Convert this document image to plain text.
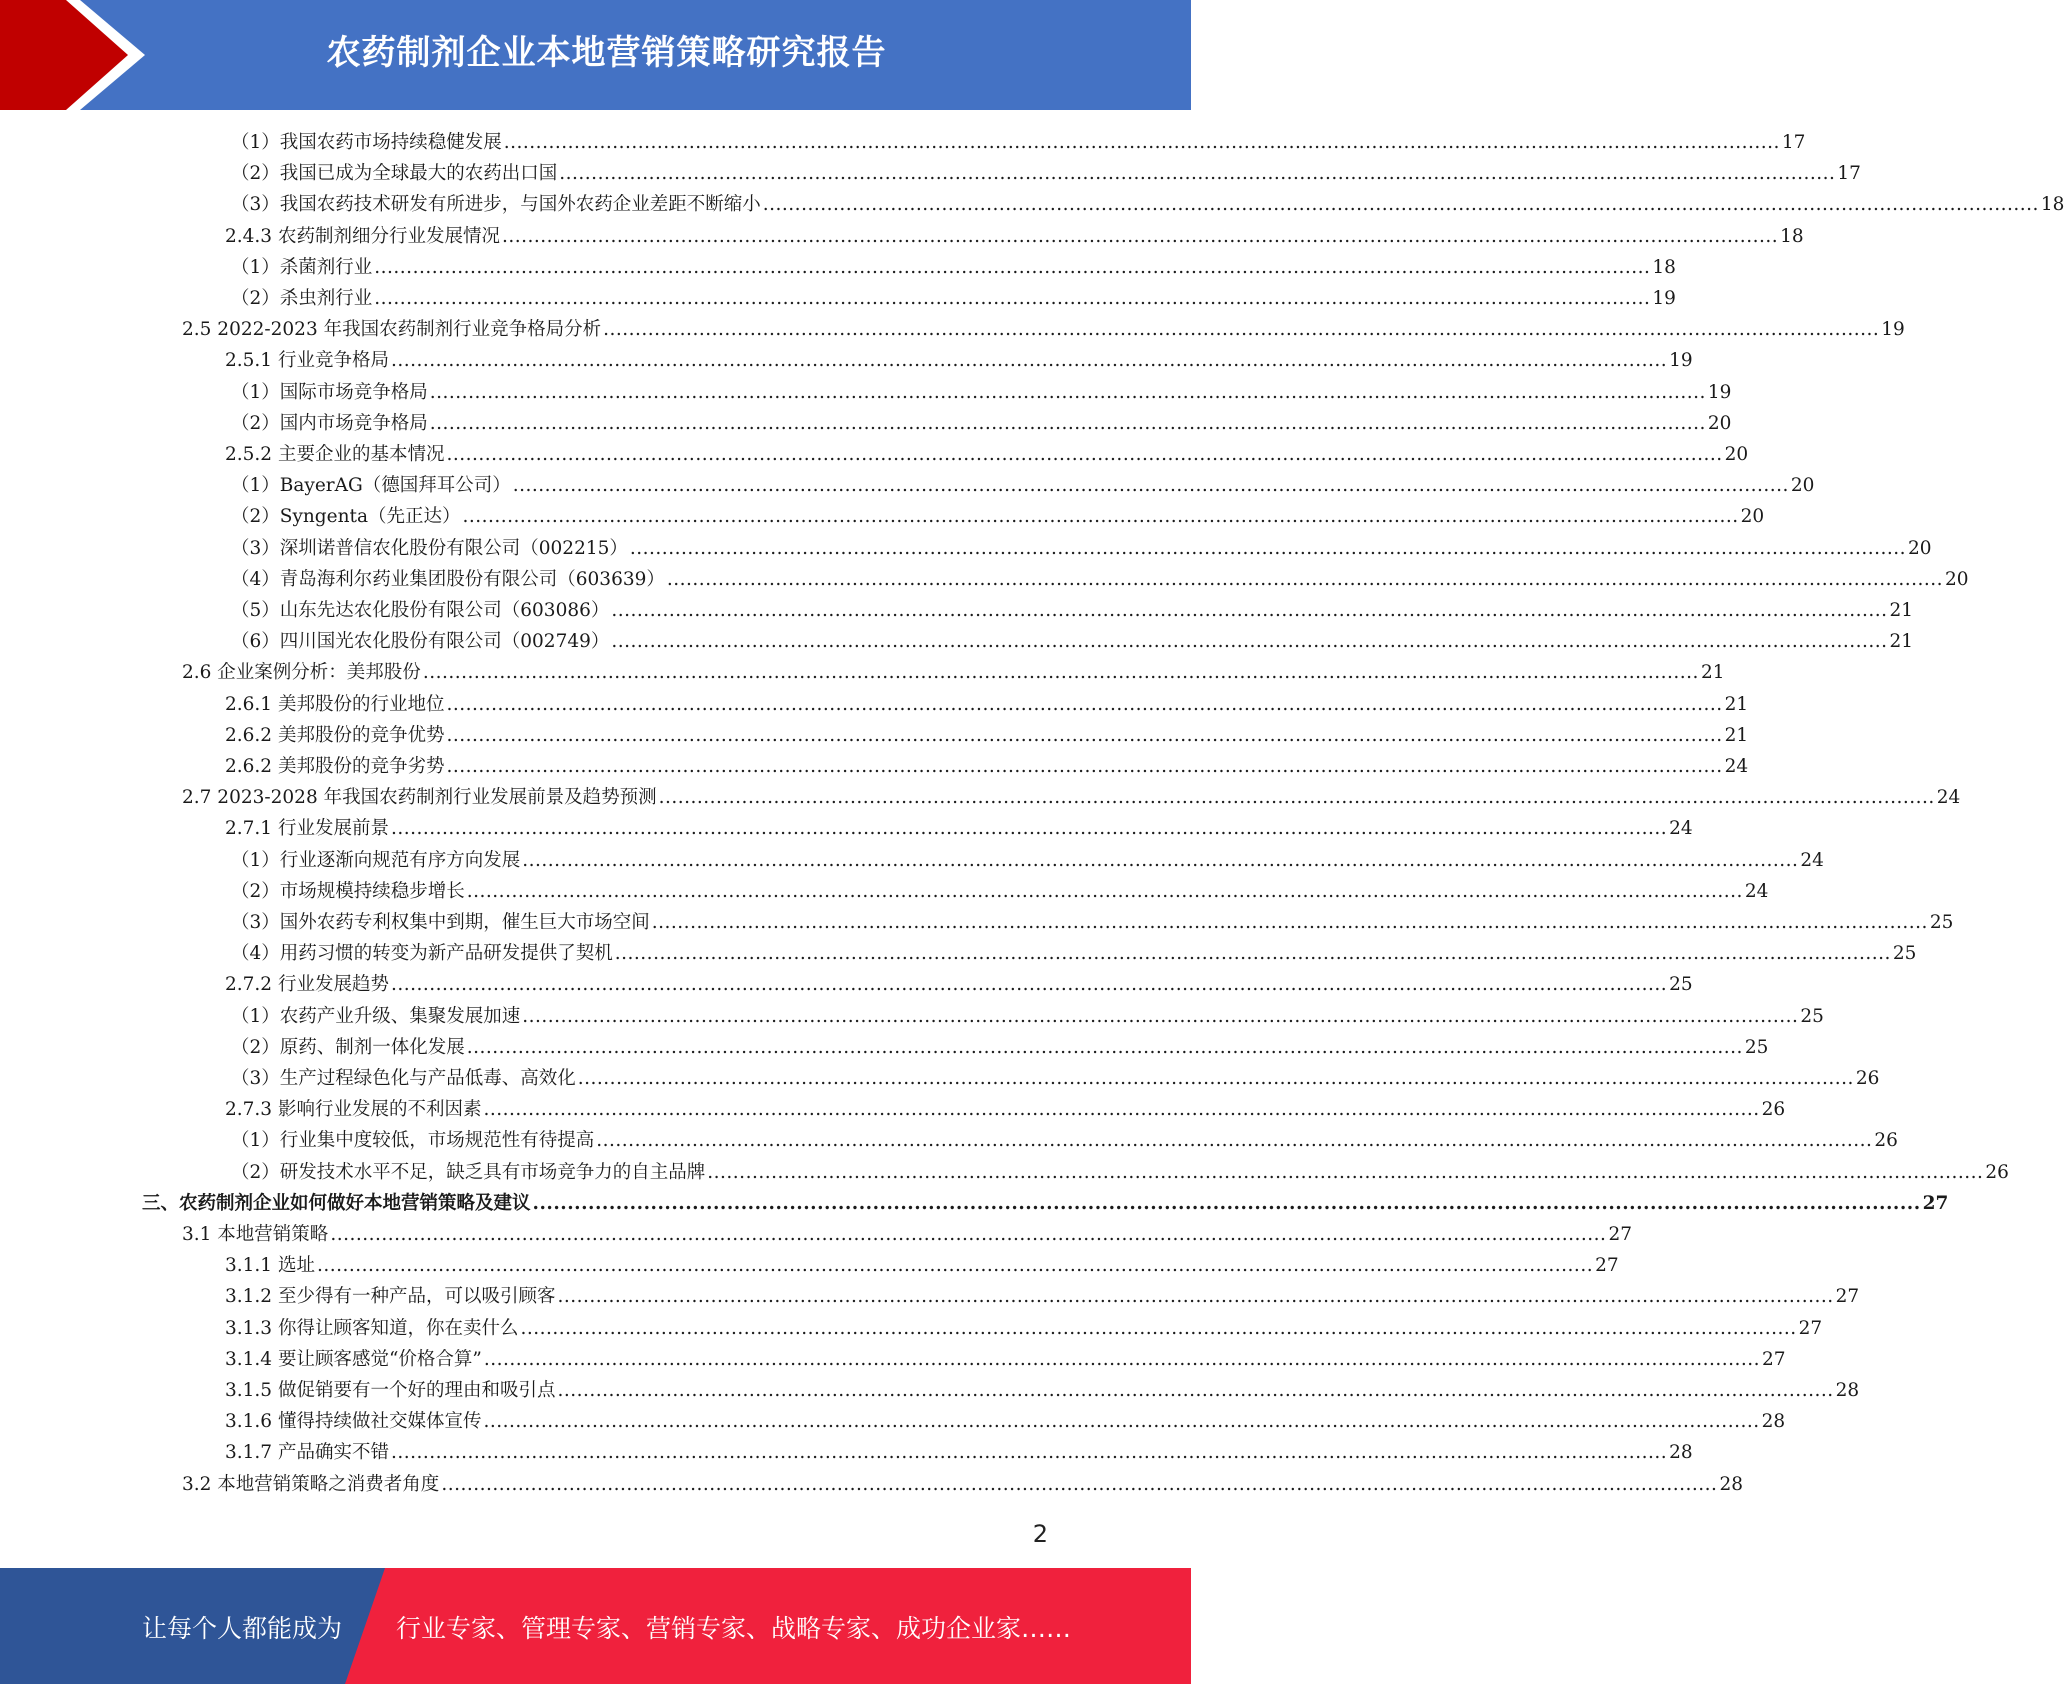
农药制剂企业本地营销策略研究报告
（1）我国农药市场持续稳健发展 ........................................................................................................................................................................................................ 17
（2）我国已成为全球最大的农药出口国 ........................................................................................................................................................................................................ 17
（3）我国农药技术研发有所进步，与国外农药企业差距不断缩小 ........................................................................................................................................................................................................ 18
2.4.3 农药制剂细分行业发展情况 ........................................................................................................................................................................................................ 18
（1）杀菌剂行业 ........................................................................................................................................................................................................ 18
（2）杀虫剂行业 ........................................................................................................................................................................................................ 19
2.5 2022-2023 年我国农药制剂行业竞争格局分析 ........................................................................................................................................................................................................ 19
2.5.1 行业竞争格局 ........................................................................................................................................................................................................ 19
（1）国际市场竞争格局 ........................................................................................................................................................................................................ 19
（2）国内市场竞争格局 ........................................................................................................................................................................................................ 20
2.5.2 主要企业的基本情况 ........................................................................................................................................................................................................ 20
（1）BayerAG（德国拜耳公司） ........................................................................................................................................................................................................ 20
（2）Syngenta（先正达） ........................................................................................................................................................................................................ 20
（3）深圳诺普信农化股份有限公司（002215） ........................................................................................................................................................................................................ 20
（4）青岛海利尔药业集团股份有限公司（603639） ........................................................................................................................................................................................................ 20
（5）山东先达农化股份有限公司（603086） ........................................................................................................................................................................................................ 21
（6）四川国光农化股份有限公司（002749） ........................................................................................................................................................................................................ 21
2.6 企业案例分析：美邦股份 ........................................................................................................................................................................................................ 21
2.6.1 美邦股份的行业地位 ........................................................................................................................................................................................................ 21
2.6.2 美邦股份的竞争优势 ........................................................................................................................................................................................................ 21
2.6.2 美邦股份的竞争劣势 ........................................................................................................................................................................................................ 24
2.7 2023-2028 年我国农药制剂行业发展前景及趋势预测 ........................................................................................................................................................................................................ 24
2.7.1 行业发展前景 ........................................................................................................................................................................................................ 24
（1）行业逐渐向规范有序方向发展 ........................................................................................................................................................................................................ 24
（2）市场规模持续稳步增长 ........................................................................................................................................................................................................ 24
（3）国外农药专利权集中到期，催生巨大市场空间 ........................................................................................................................................................................................................ 25
（4）用药习惯的转变为新产品研发提供了契机 ........................................................................................................................................................................................................ 25
2.7.2 行业发展趋势 ........................................................................................................................................................................................................ 25
（1）农药产业升级、集聚发展加速 ........................................................................................................................................................................................................ 25
（2）原药、制剂一体化发展 ........................................................................................................................................................................................................ 25
（3）生产过程绿色化与产品低毒、高效化 ........................................................................................................................................................................................................ 26
2.7.3 影响行业发展的不利因素 ........................................................................................................................................................................................................ 26
（1）行业集中度较低，市场规范性有待提高 ........................................................................................................................................................................................................ 26
（2）研发技术水平不足，缺乏具有市场竞争力的自主品牌 ........................................................................................................................................................................................................ 26
三、农药制剂企业如何做好本地营销策略及建议 ........................................................................................................................................................................................................ 27
3.1 本地营销策略 ........................................................................................................................................................................................................ 27
3.1.1 选址 ........................................................................................................................................................................................................ 27
3.1.2 至少得有一种产品，可以吸引顾客 ........................................................................................................................................................................................................ 27
3.1.3 你得让顾客知道，你在卖什么 ........................................................................................................................................................................................................ 27
3.1.4 要让顾客感觉“价格合算” ........................................................................................................................................................................................................ 27
3.1.5 做促销要有一个好的理由和吸引点 ........................................................................................................................................................................................................ 28
3.1.6 懂得持续做社交媒体宣传 ........................................................................................................................................................................................................ 28
3.1.7 产品确实不错 ........................................................................................................................................................................................................ 28
3.2 本地营销策略之消费者角度 ........................................................................................................................................................................................................ 28
2
让每个人都能成为 行业专家、管理专家、营销专家、战略专家、成功企业家……
